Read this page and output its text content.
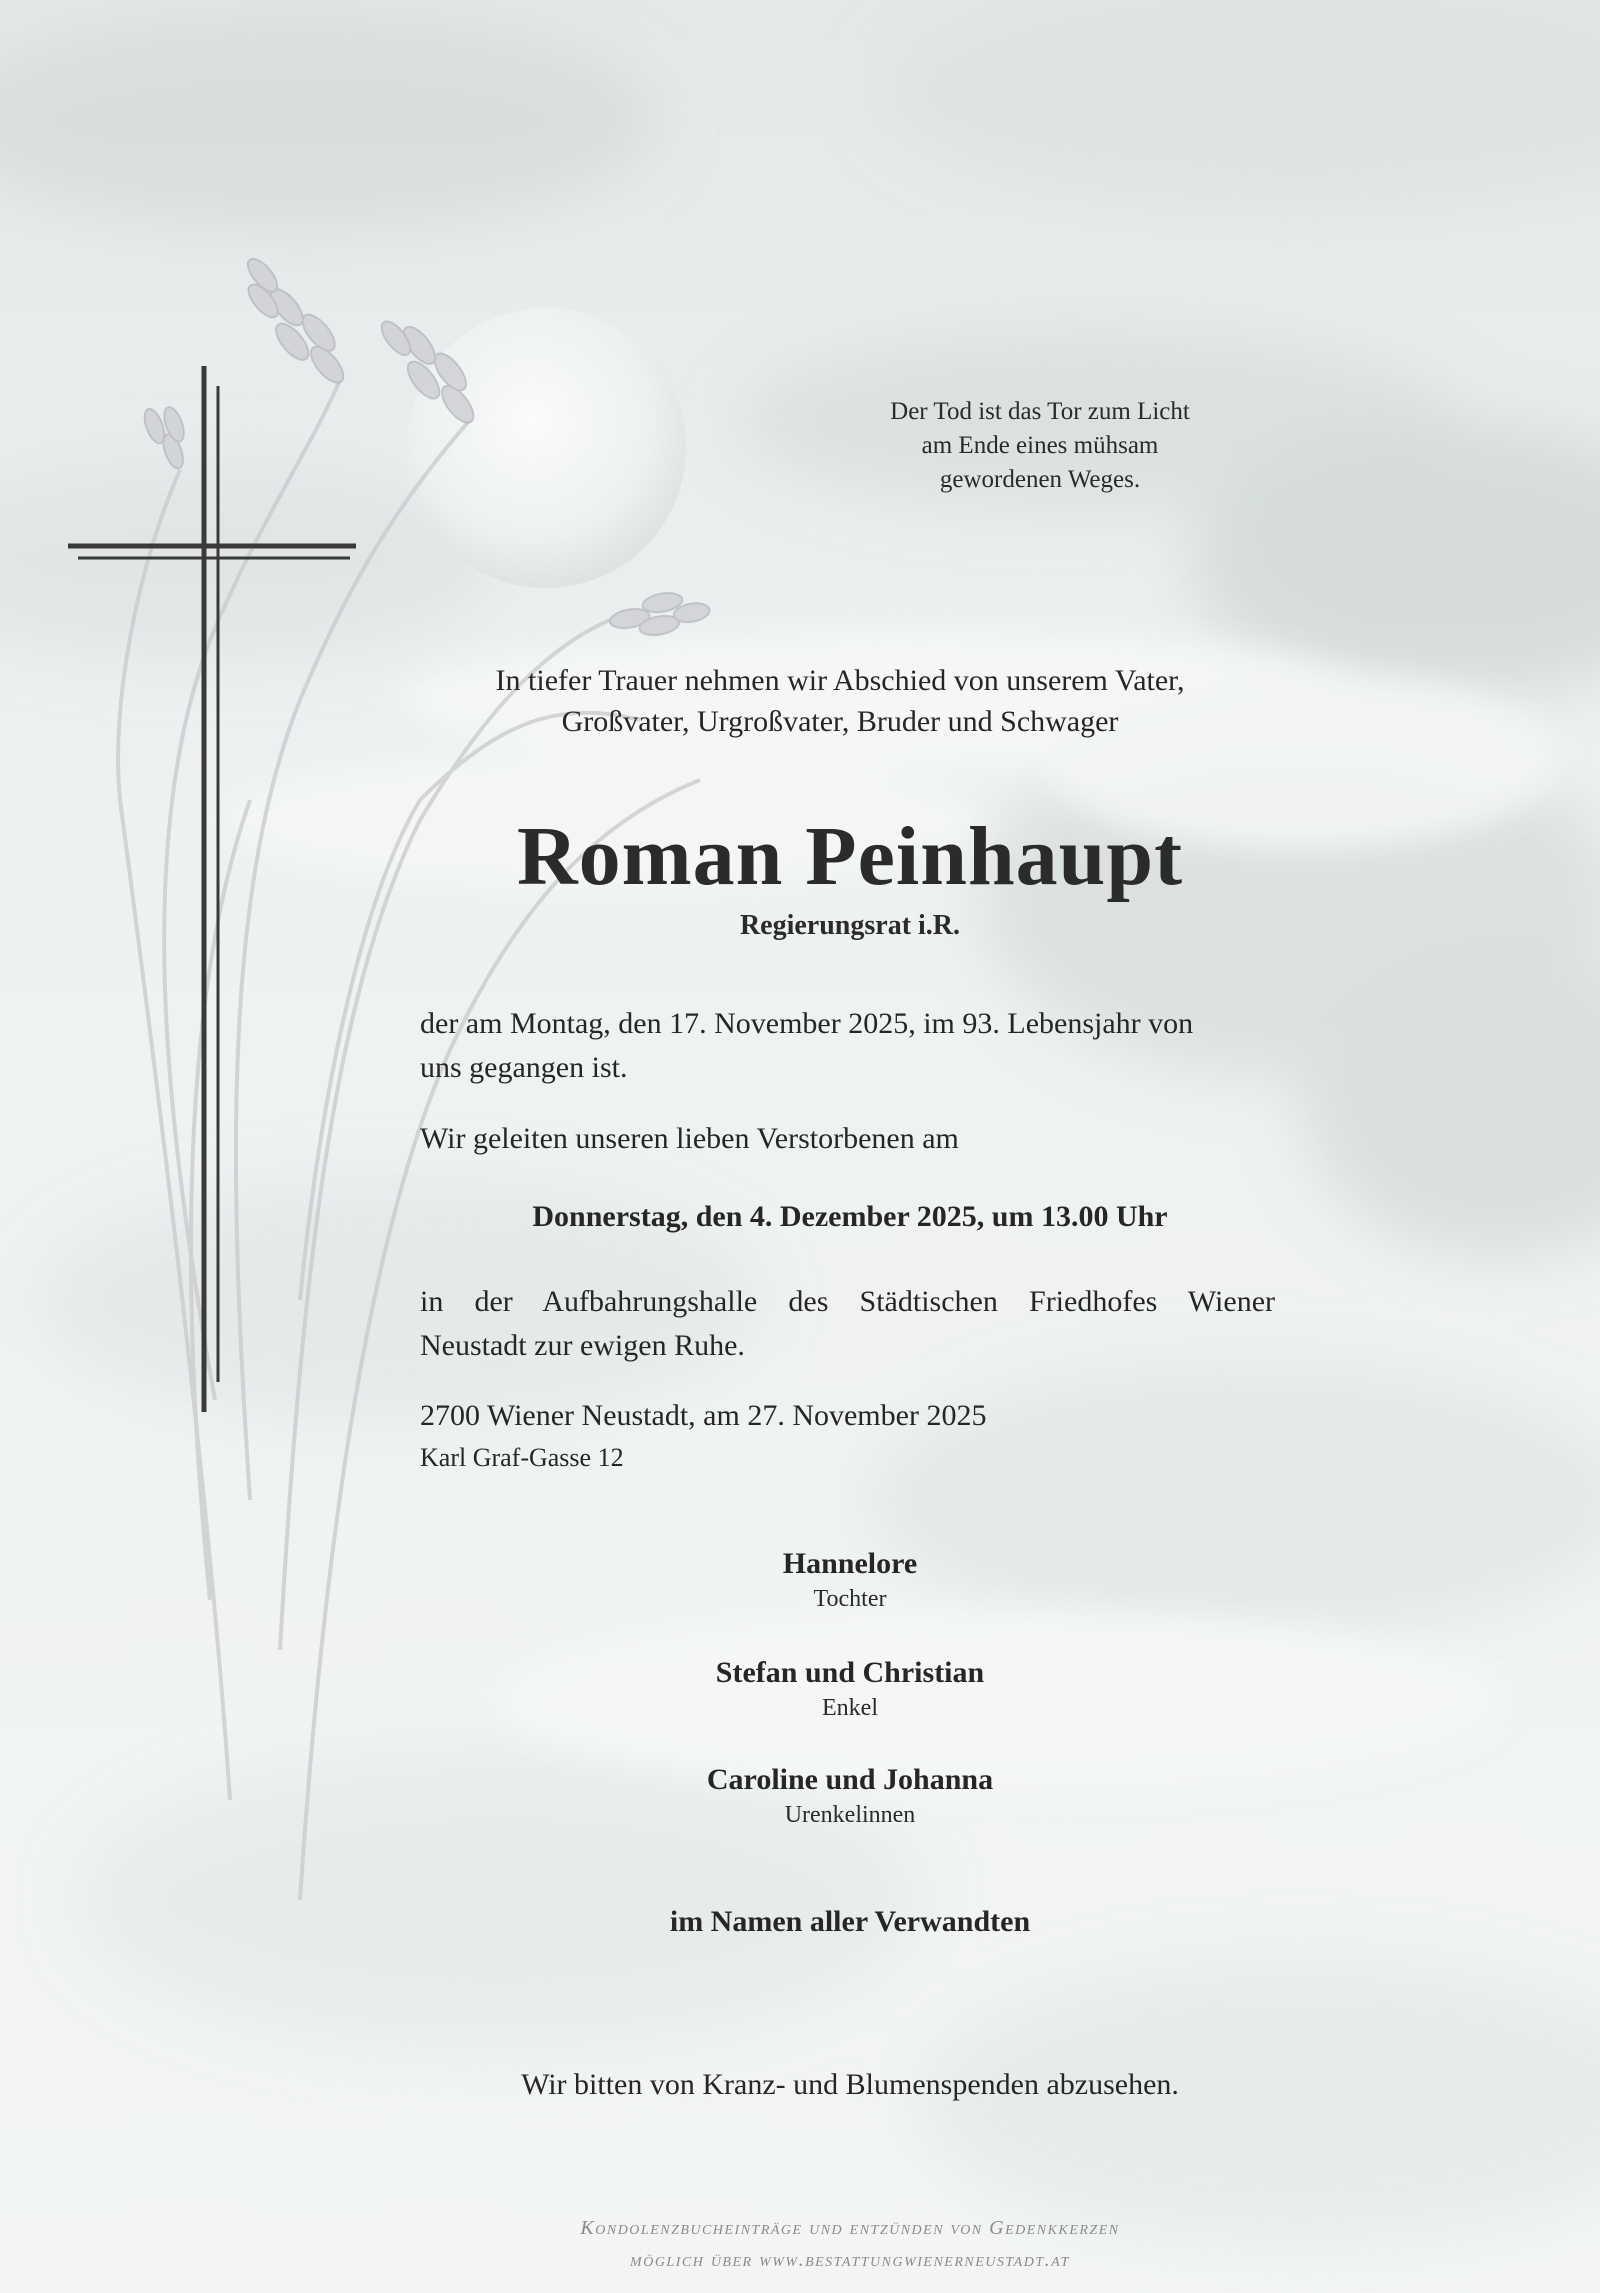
Der Tod ist das Tor zum Licht
am Ende eines mühsam
gewordenen Weges.
In tiefer Trauer nehmen wir Abschied von unserem Vater,
Großvater, Urgroßvater, Bruder und Schwager
Roman Peinhaupt
Regierungsrat i.R.
der am Montag, den 17. November 2025, im 93. Lebensjahr von
uns gegangen ist.
Wir geleiten unseren lieben Verstorbenen am
Donnerstag, den 4. Dezember 2025, um 13.00 Uhr
in der Aufbahrungshalle des Städtischen Friedhofes Wiener
Neustadt zur ewigen Ruhe.
2700 Wiener Neustadt, am 27. November 2025
Karl Graf-Gasse 12
Hannelore
Tochter
Stefan und Christian
Enkel
Caroline und Johanna
Urenkelinnen
im Namen aller Verwandten
Wir bitten von Kranz- und Blumenspenden abzusehen.
Kondolenzbucheinträge und entzünden von Gedenkkerzen
möglich über www.bestattungwienerneustadt.at
